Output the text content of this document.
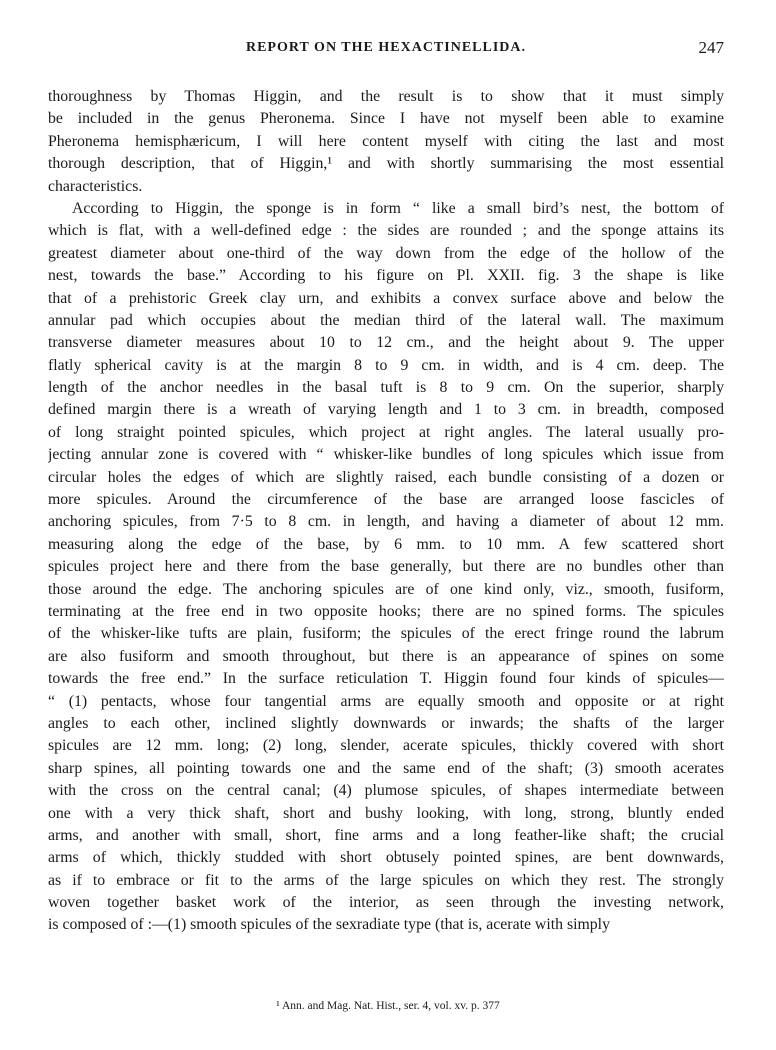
REPORT ON THE HEXACTINELLIDA.	247
thoroughness by Thomas Higgin, and the result is to show that it must simply
be included in the genus Pheronema. Since I have not myself been able to examine
Pheronema hemisphæricum, I will here content myself with citing the last and most
thorough description, that of Higgin,¹ and with shortly summarising the most essential
characteristics.
According to Higgin, the sponge is in form “ like a small bird’s nest, the bottom of
which is flat, with a well-defined edge : the sides are rounded ; and the sponge attains its
greatest diameter about one-third of the way down from the edge of the hollow of the
nest, towards the base.” According to his figure on Pl. XXII. fig. 3 the shape is like
that of a prehistoric Greek clay urn, and exhibits a convex surface above and below the
annular pad which occupies about the median third of the lateral wall. The maximum
transverse diameter measures about 10 to 12 cm., and the height about 9. The upper
flatly spherical cavity is at the margin 8 to 9 cm. in width, and is 4 cm. deep. The
length of the anchor needles in the basal tuft is 8 to 9 cm. On the superior, sharply
defined margin there is a wreath of varying length and 1 to 3 cm. in breadth, composed
of long straight pointed spicules, which project at right angles. The lateral usually pro-
jecting annular zone is covered with “ whisker-like bundles of long spicules which issue from
circular holes the edges of which are slightly raised, each bundle consisting of a dozen or
more spicules. Around the circumference of the base are arranged loose fascicles of
anchoring spicules, from 7·5 to 8 cm. in length, and having a diameter of about 12 mm.
measuring along the edge of the base, by 6 mm. to 10 mm. A few scattered short
spicules project here and there from the base generally, but there are no bundles other than
those around the edge. The anchoring spicules are of one kind only, viz., smooth, fusiform,
terminating at the free end in two opposite hooks; there are no spined forms. The spicules
of the whisker-like tufts are plain, fusiform; the spicules of the erect fringe round the labrum
are also fusiform and smooth throughout, but there is an appearance of spines on some
towards the free end.” In the surface reticulation T. Higgin found four kinds of spicules—
“ (1) pentacts, whose four tangential arms are equally smooth and opposite or at right
angles to each other, inclined slightly downwards or inwards; the shafts of the larger
spicules are 12 mm. long; (2) long, slender, acerate spicules, thickly covered with short
sharp spines, all pointing towards one and the same end of the shaft; (3) smooth acerates
with the cross on the central canal; (4) plumose spicules, of shapes intermediate between
one with a very thick shaft, short and bushy looking, with long, strong, bluntly ended
arms, and another with small, short, fine arms and a long feather-like shaft; the crucial
arms of which, thickly studded with short obtusely pointed spines, are bent downwards,
as if to embrace or fit to the arms of the large spicules on which they rest. The strongly
woven together basket work of the interior, as seen through the investing network,
is composed of :—(1) smooth spicules of the sexradiate type (that is, acerate with simply
¹ Ann. and Mag. Nat. Hist., ser. 4, vol. xv. p. 377
